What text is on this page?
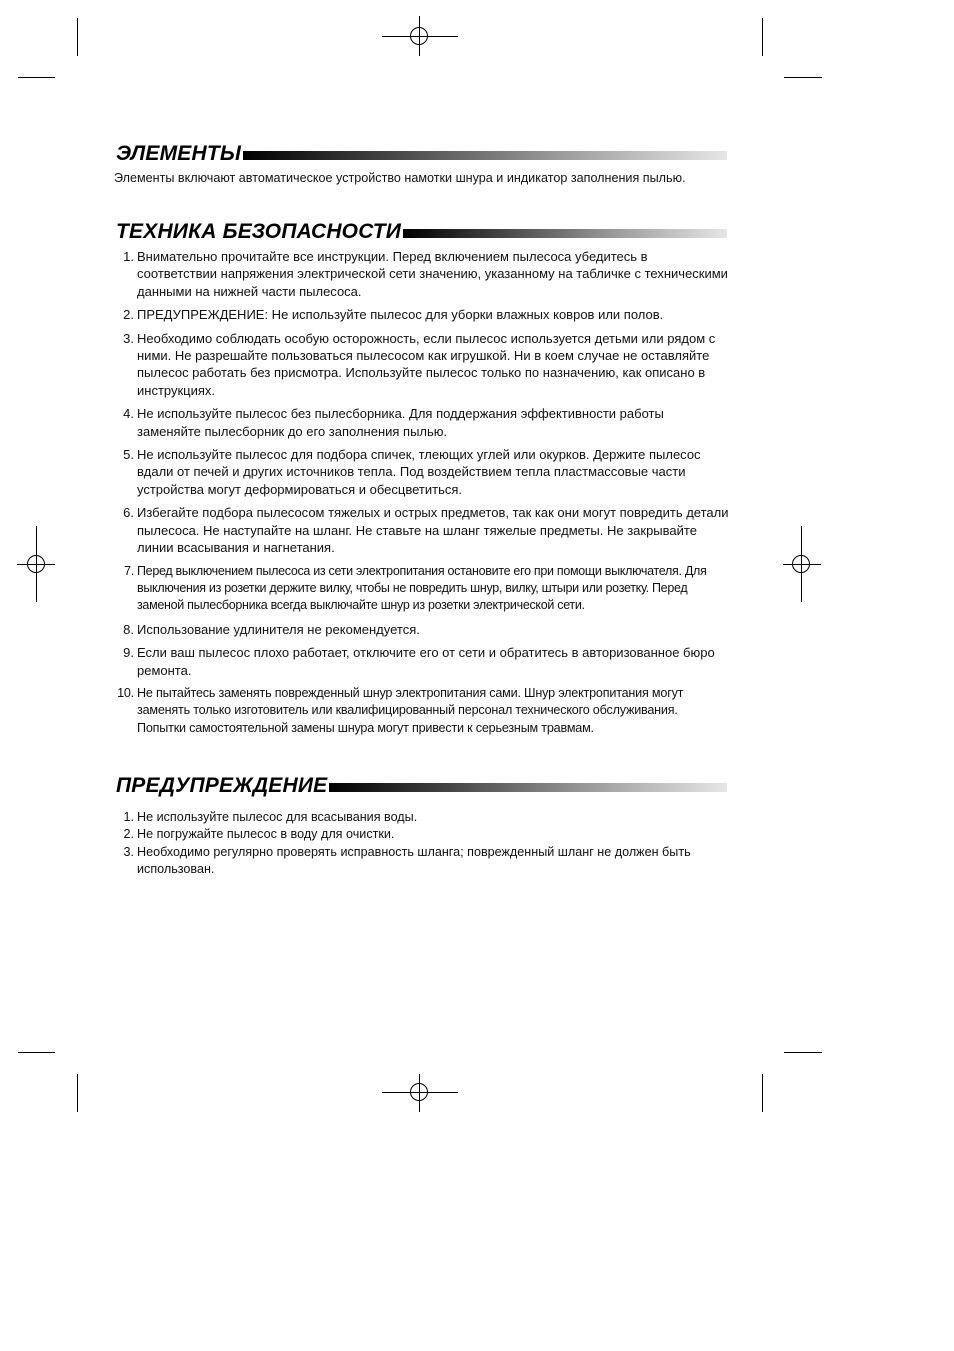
ЭЛЕМЕНТЫ
Элементы включают автоматическое устройство намотки шнура и индикатор заполнения пылью.
ТЕХНИКА БЕЗОПАСНОСТИ
1. Внимательно прочитайте все инструкции. Перед включением пылесоса убедитесь в соответствии напряжения электрической сети значению, указанному на табличке с техническими данными на нижней части пылесоса.
2. ПРЕДУПРЕЖДЕНИЕ: Не используйте пылесос для уборки влажных ковров или полов.
3. Необходимо соблюдать особую осторожность, если пылесос используется детьми или рядом с ними. Не разрешайте пользоваться пылесосом как игрушкой. Ни в коем случае не оставляйте пылесос работать без присмотра. Используйте пылесос только по назначению, как описано в инструкциях.
4. Не используйте пылесос без пылесборника. Для поддержания эффективности работы заменяйте пылесборник до его заполнения пылью.
5. Не используйте пылесос для подбора спичек, тлеющих углей или окурков. Держите пылесос вдали от печей и других источников тепла. Под воздействием тепла пластмассовые части устройства могут деформироваться и обесцветиться.
6. Избегайте подбора пылесосом тяжелых и острых предметов, так как они могут повредить детали пылесоса. Не наступайте на шланг. Не ставьте на шланг тяжелые предметы. Не закрывайте линии всасывания и нагнетания.
7. Перед выключением пылесоса из сети электропитания остановите его при помощи выключателя. Для выключения из розетки держите вилку, чтобы не повредить шнур, вилку, штыри или розетку. Перед заменой пылесборника всегда выключайте шнур из розетки электрической сети.
8. Использование удлинителя не рекомендуется.
9. Если ваш пылесос плохо работает, отключите его от сети и обратитесь в авторизованное бюро ремонта.
10. Не пытайтесь заменять поврежденный шнур электропитания сами. Шнур электропитания могут заменять только изготовитель или квалифицированный персонал технического обслуживания. Попытки самостоятельной замены шнура могут привести к серьезным травмам.
ПРЕДУПРЕЖДЕНИЕ
1. Не используйте пылесос для всасывания воды.
2. Не погружайте пылесос в воду для очистки.
3. Необходимо регулярно проверять исправность шланга; поврежденный шланг не должен быть использован.
